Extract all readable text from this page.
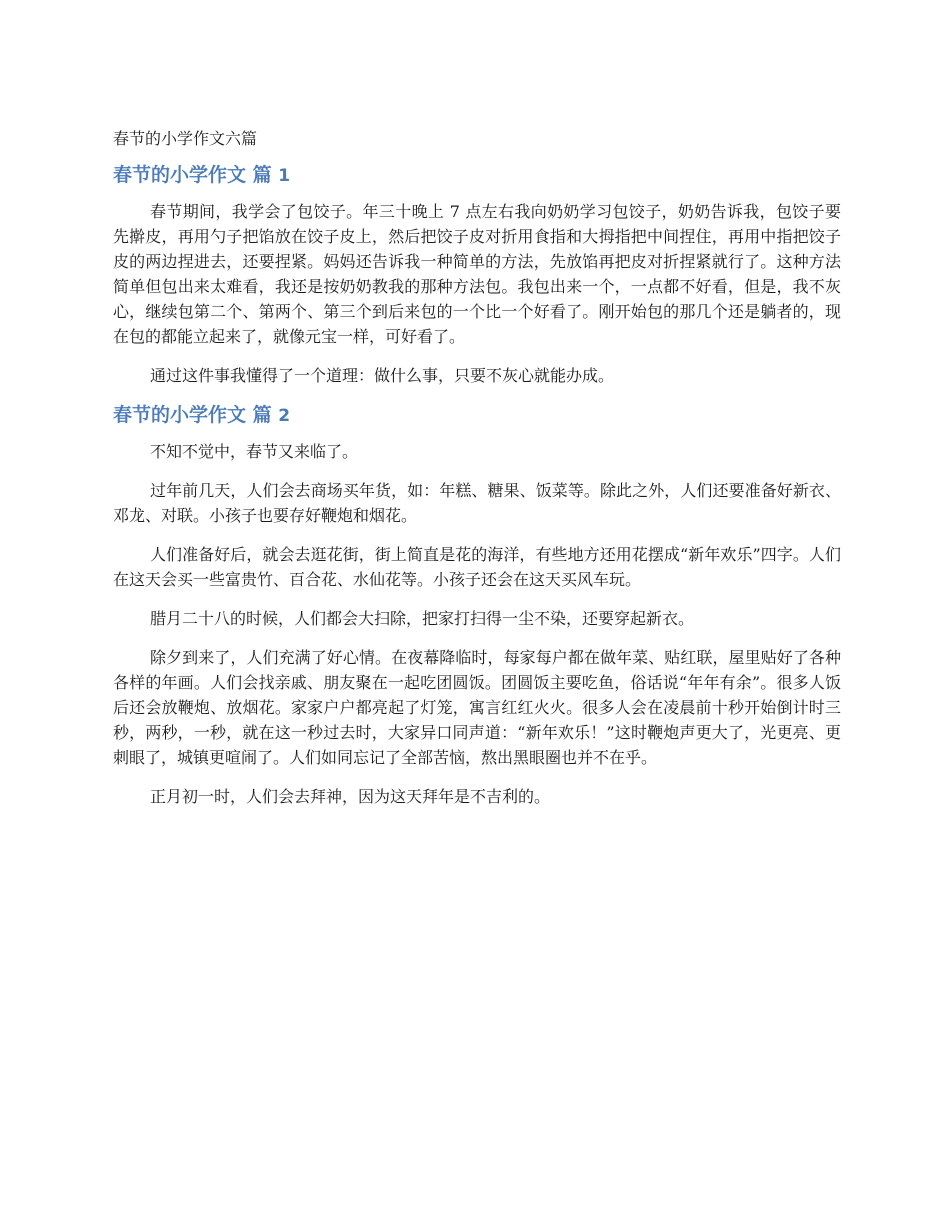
春节的小学作文六篇
春节的小学作文 篇 1

春节期间，我学会了包饺子。年三十晚上 7 点左右我向奶奶学习包饺子，奶奶告诉我，包饺子要先擀皮，再用勺子把馅放在饺子皮上，然后把饺子皮对折用食指和大拇指把中间捏住，再用中指把饺子皮的两边捏进去，还要捏紧。妈妈还告诉我一种简单的方法，先放馅再把皮对折捏紧就行了。这种方法简单但包出来太难看，我还是按奶奶教我的那种方法包。我包出来一个，一点都不好看，但是，我不灰心，继续包第二个、第两个、第三个到后来包的一个比一个好看了。刚开始包的那几个还是躺者的，现在包的都能立起来了，就像元宝一样，可好看了。

通过这件事我懂得了一个道理：做什么事，只要不灰心就能办成。

春节的小学作文 篇 2

不知不觉中，春节又来临了。

过年前几天，人们会去商场买年货，如：年糕、糖果、饭菜等。除此之外，人们还要准备好新衣、邓龙、对联。小孩子也要存好鞭炮和烟花。

人们准备好后，就会去逛花街，街上简直是花的海洋，有些地方还用花摆成“新年欢乐”四字。人们在这天会买一些富贵竹、百合花、水仙花等。小孩子还会在这天买风车玩。

腊月二十八的时候，人们都会大扫除，把家打扫得一尘不染，还要穿起新衣。

除夕到来了，人们充满了好心情。在夜幕降临时，每家每户都在做年菜、贴红联，屋里贴好了各种各样的年画。人们会找亲戚、朋友聚在一起吃团圆饭。团圆饭主要吃鱼，俗话说“年年有余”。很多人饭后还会放鞭炮、放烟花。家家户户都亮起了灯笼，寓言红红火火。很多人会在凌晨前十秒开始倒计时三秒，两秒，一秒，就在这一秒过去时，大家异口同声道：“新年欢乐！”这时鞭炮声更大了，光更亮、更刺眼了，城镇更喧闹了。人们如同忘记了全部苦恼，熬出黑眼圈也并不在乎。

正月初一时，人们会去拜神，因为这天拜年是不吉利的。
